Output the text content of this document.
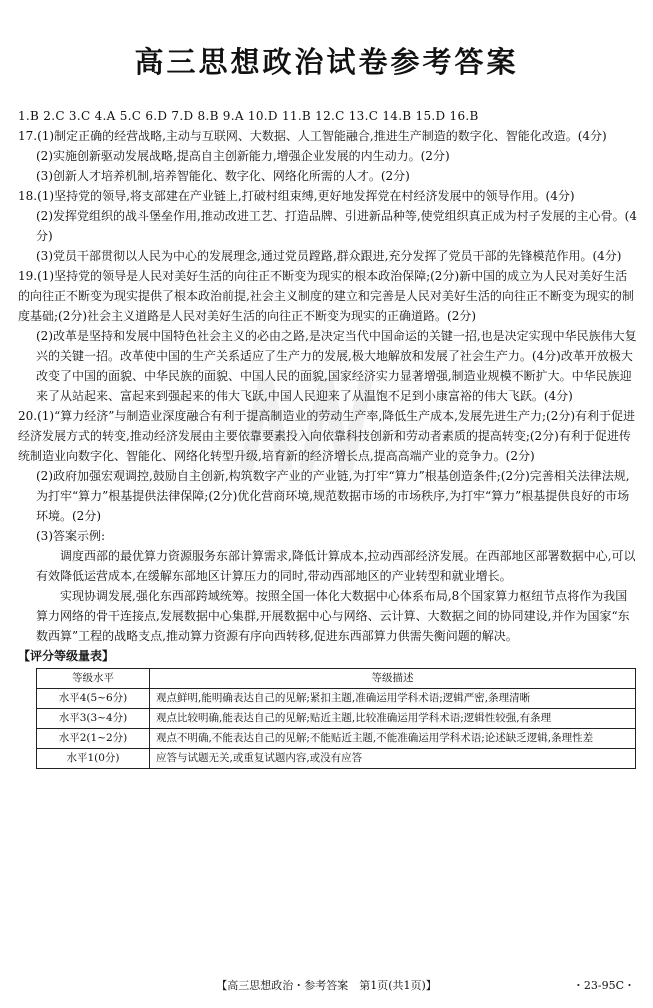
高三思想政治试卷参考答案

1.B 2.C 3.C 4.A 5.C 6.D 7.D 8.B 9.A 10.D 11.B 12.C 13.C 14.B 15.D 16.B

17.(1)制定正确的经营战略,主动与互联网、大数据、人工智能融合,推进生产制造的数字化、智能化改造。(4分)

(2)实施创新驱动发展战略,提高自主创新能力,增强企业发展的内生动力。(2分)

(3)创新人才培养机制,培养智能化、数字化、网络化所需的人才。(2分)

18.(1)坚持党的领导,将支部建在产业链上,打破村组束缚,更好地发挥党在村经济发展中的领导作用。(4分)

(2)发挥党组织的战斗堡垒作用,推动改进工艺、打造品牌、引进新品种等,使党组织真正成为村子发展的主心骨。(4分)

(3)党员干部贯彻以人民为中心的发展理念,通过党员蹚路,群众跟进,充分发挥了党员干部的先锋模范作用。(4分)

19.(1)坚持党的领导是人民对美好生活的向往正不断变为现实的根本政治保障;(2分)新中国的成立为人民对美好生活的向往正不断变为现实提供了根本政治前提,社会主义制度的建立和完善是人民对美好生活的向往正不断变为现实的制度基础;(2分)社会主义道路是人民对美好生活的向往正不断变为现实的正确道路。(2分)

(2)改革是坚持和发展中国特色社会主义的必由之路,是决定当代中国命运的关键一招,也是决定实现中华民族伟大复兴的关键一招。改革使中国的生产关系适应了生产力的发展,极大地解放和发展了社会生产力。(4分)改革开放极大改变了中国的面貌、中华民族的面貌、中国人民的面貌,国家经济实力显著增强,制造业规模不断扩大。中华民族迎来了从站起来、富起来到强起来的伟大飞跃,中国人民迎来了从温饱不足到小康富裕的伟大飞跃。(4分)

20.(1)“算力经济”与制造业深度融合有利于提高制造业的劳动生产率,降低生产成本,发展先进生产力;(2分)有利于促进经济发展方式的转变,推动经济发展由主要依靠要素投入向依靠科技创新和劳动者素质的提高转变;(2分)有利于促进传统制造业向数字化、智能化、网络化转型升级,培育新的经济增长点,提高高端产业的竞争力。(2分)

(2)政府加强宏观调控,鼓励自主创新,构筑数字产业的产业链,为打牢“算力”根基创造条件;(2分)完善相关法律法规,为打牢“算力”根基提供法律保障;(2分)优化营商环境,规范数据市场的市场秩序,为打牢“算力”根基提供良好的市场环境。(2分)

(3)答案示例:

调度西部的最优算力资源服务东部计算需求,降低计算成本,拉动西部经济发展。在西部地区部署数据中心,可以有效降低运营成本,在缓解东部地区计算压力的同时,带动西部地区的产业转型和就业增长。

实现协调发展,强化东西部跨域统筹。按照全国一体化大数据中心体系布局,8个国家算力枢纽节点将作为我国算力网络的骨干连接点,发展数据中心集群,开展数据中心与网络、云计算、大数据之间的协同建设,并作为国家“东数西算”工程的战略支点,推动算力资源有序向西转移,促进东西部算力供需失衡问题的解决。

【评分等级量表】

等级水平	等级描述
水平4(5~6分)	观点鲜明,能明确表达自己的见解;紧扣主题,准确运用学科术语;逻辑严密,条理清晰
水平3(3~4分)	观点比较明确,能表达自己的见解;贴近主题,比较准确运用学科术语;逻辑性较强,有条理
水平2(1~2分)	观点不明确,不能表达自己的见解;不能贴近主题,不能准确运用学科术语;论述缺乏逻辑,条理性差
水平1(0分)	应答与试题无关,或重复试题内容,或没有应答
【高三思想政治・参考答案　第1页(共1页)】	・23-95C・
